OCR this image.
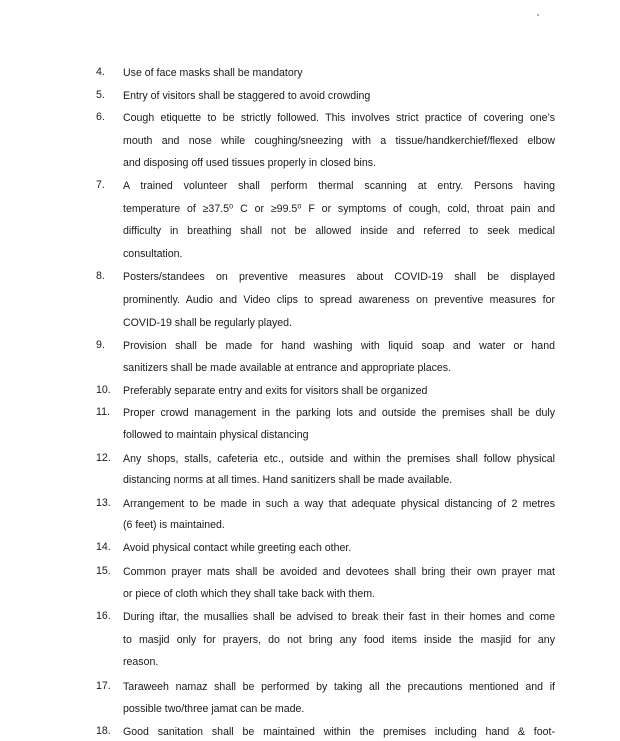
4.	Use of face masks shall be mandatory
5.	Entry of visitors shall be staggered to avoid crowding
6.	Cough etiquette to be strictly followed. This involves strict practice of covering one’s
mouth and nose while coughing/sneezing with a tissue/handkerchief/flexed elbow
and disposing off used tissues properly in closed bins.
7.	A trained volunteer shall perform thermal scanning at entry. Persons having
temperature of ≥37.5⁰ C or ≥99.5⁰ F or symptoms of cough, cold, throat pain and
difficulty in breathing shall not be allowed inside and referred to seek medical
consultation.
8.	Posters/standees on preventive measures about COVID-19 shall be displayed
prominently. Audio and Video clips to spread awareness on preventive measures for
COVID-19 shall be regularly played.
9.	Provision shall be made for hand washing with liquid soap and water or hand
sanitizers shall be made available at entrance and appropriate places.
10.	Preferably separate entry and exits for visitors shall be organized
11.	Proper crowd management in the parking lots and outside the premises shall be duly
followed to maintain physical distancing
12.	Any shops, stalls, cafeteria etc., outside and within the premises shall follow physical
distancing norms at all times. Hand sanitizers shall be made available.
13.	Arrangement to be made in such a way that adequate physical distancing of 2 metres
(6 feet) is maintained.
14.	Avoid physical contact while greeting each other.
15.	Common prayer mats shall be avoided and devotees shall bring their own prayer mat
or piece of cloth which they shall take back with them.
16.	During iftar, the musallies shall be advised to break their fast in their homes and come
to masjid only for prayers, do not bring any food items inside the masjid for any
reason.
17.	Taraweeh namaz shall be performed by taking all the precautions mentioned and if
possible two/three jamat can be made.
18.	Good sanitation shall be maintained within the premises including hand & foot-
